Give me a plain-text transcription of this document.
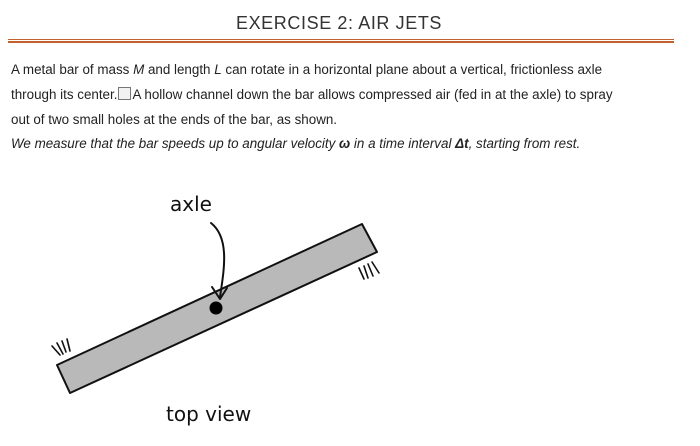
EXERCISE 2: AIR JETS
A metal bar of mass M and length L can rotate in a horizontal plane about a vertical, frictionless axle
through its center. A hollow channel down the bar allows compressed air (fed in at the axle) to spray
out of two small holes at the ends of the bar, as shown.
We measure that the bar speeds up to angular velocity ω in a time interval Δt, starting from rest.
axle
top view
